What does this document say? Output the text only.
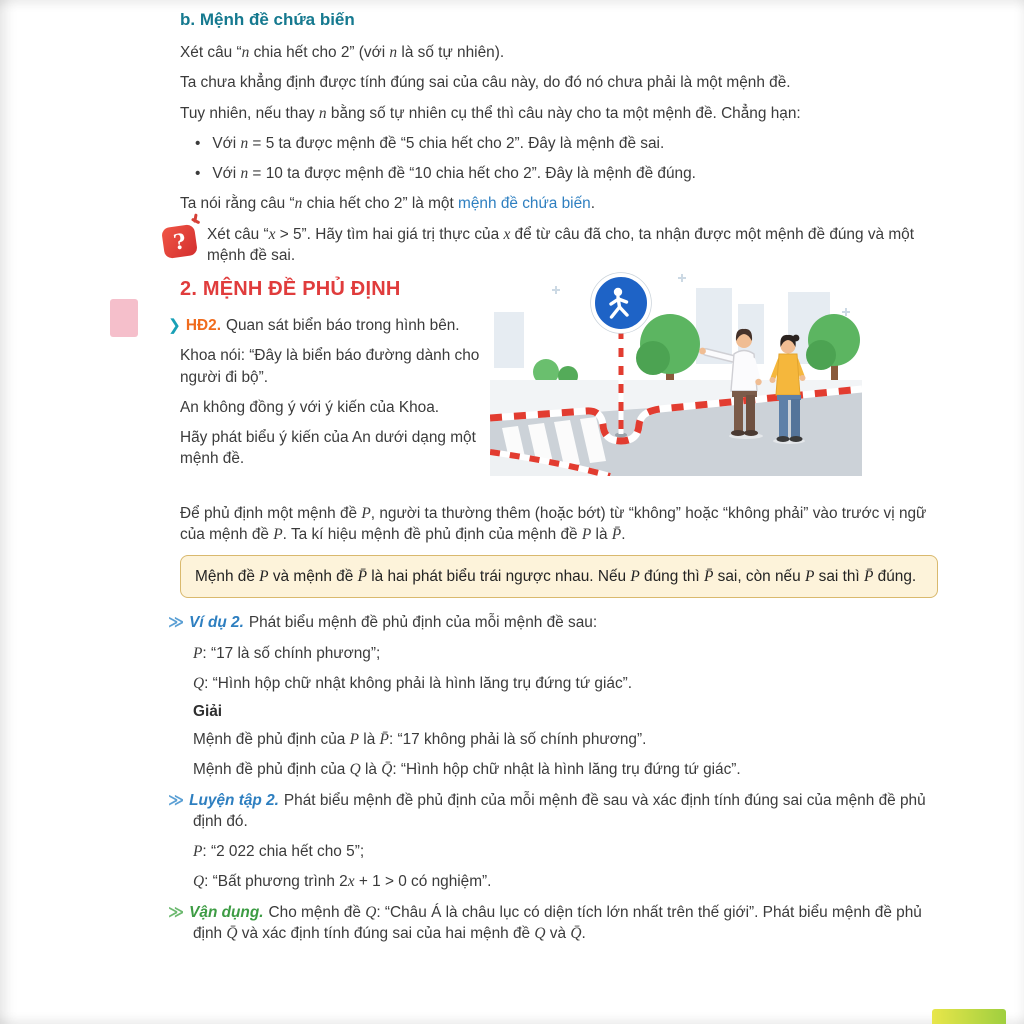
b. Mệnh đề chứa biến

Xét câu “n chia hết cho 2” (với n là số tự nhiên).

Ta chưa khẳng định được tính đúng sai của câu này, do đó nó chưa phải là một mệnh đề.

Tuy nhiên, nếu thay n bằng số tự nhiên cụ thể thì câu này cho ta một mệnh đề. Chẳng hạn:

• Với n = 5 ta được mệnh đề “5 chia hết cho 2”. Đây là mệnh đề sai.

• Với n = 10 ta được mệnh đề “10 chia hết cho 2”. Đây là mệnh đề đúng.

Ta nói rằng câu “n chia hết cho 2” là một mệnh đề chứa biến.

? Xét câu “x > 5”. Hãy tìm hai giá trị thực của x để từ câu đã cho, ta nhận được một mệnh đề đúng và một mệnh đề sai.

2. MỆNH ĐỀ PHỦ ĐỊNH

❯ HĐ2. Quan sát biển báo trong hình bên.

Khoa nói: “Đây là biển báo đường dành cho người đi bộ”.

An không đồng ý với ý kiến của Khoa.

Hãy phát biểu ý kiến của An dưới dạng một mệnh đề.

Để phủ định một mệnh đề P, người ta thường thêm (hoặc bớt) từ “không” hoặc “không phải” vào trước vị ngữ của mệnh đề P. Ta kí hiệu mệnh đề phủ định của mệnh đề P là P̄.

Mệnh đề P và mệnh đề P̄ là hai phát biểu trái ngược nhau. Nếu P đúng thì P̄ sai, còn nếu P sai thì P̄ đúng.

≫ Ví dụ 2. Phát biểu mệnh đề phủ định của mỗi mệnh đề sau:

P: “17 là số chính phương”;

Q: “Hình hộp chữ nhật không phải là hình lăng trụ đứng tứ giác”.

Giải

Mệnh đề phủ định của P là P̄: “17 không phải là số chính phương”.

Mệnh đề phủ định của Q là Q̄: “Hình hộp chữ nhật là hình lăng trụ đứng tứ giác”.

≫ Luyện tập 2. Phát biểu mệnh đề phủ định của mỗi mệnh đề sau và xác định tính đúng sai của mệnh đề phủ định đó.

P: “2 022 chia hết cho 5”;

Q: “Bất phương trình 2x + 1 > 0 có nghiệm”.

≫ Vận dụng. Cho mệnh đề Q: “Châu Á là châu lục có diện tích lớn nhất trên thế giới”. Phát biểu mệnh đề phủ định Q̄ và xác định tính đúng sai của hai mệnh đề Q và Q̄.
